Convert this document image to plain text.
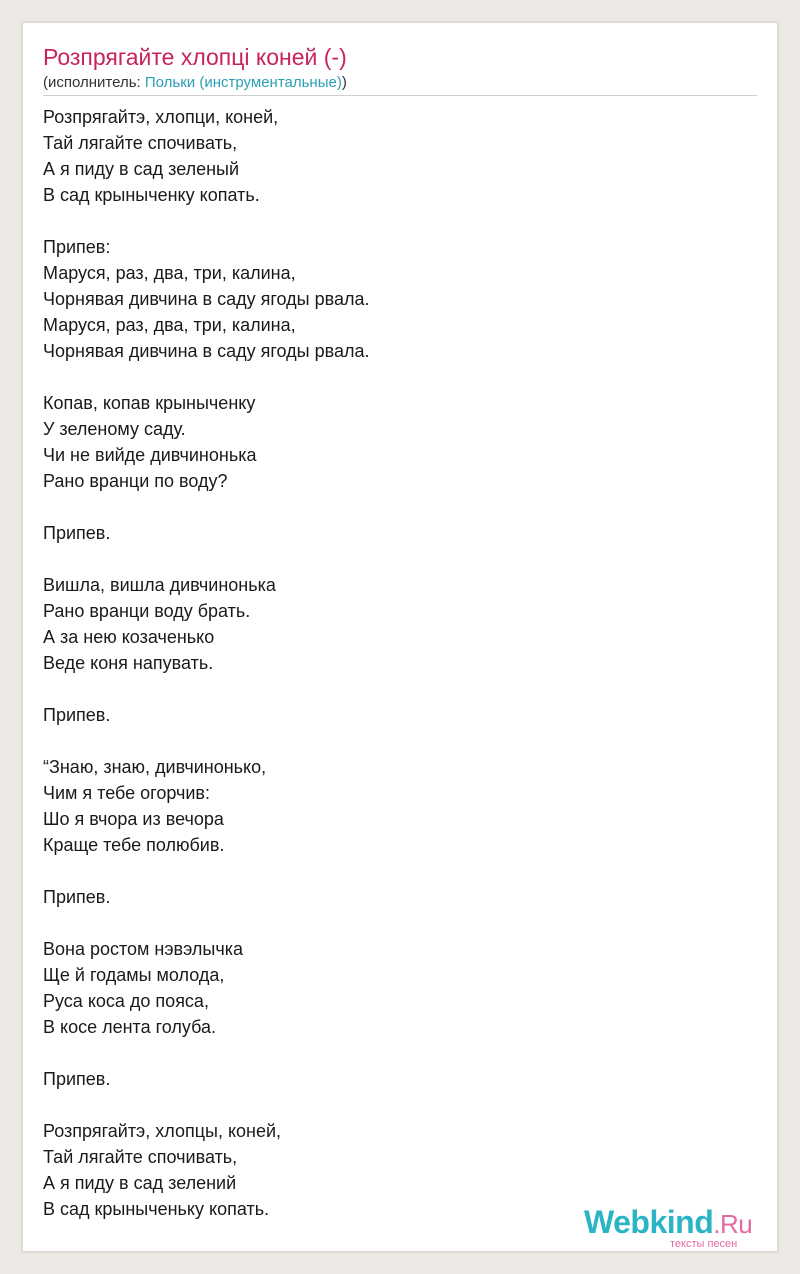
Розпрягайте хлопці коней (-)
(исполнитель: Польки (инструментальные))
Розпрягайтэ, хлопци, коней,
Тай лягайте спочивать,
А я пиду в сад зеленый
В сад крыныченку копать.
Припев:
Маруся, раз, два, три, калина,
Чорнявая дивчина в саду ягоды рвала.
Маруся, раз, два, три, калина,
Чорнявая дивчина в саду ягоды рвала.
Копав, копав крыныченку
У зеленому саду.
Чи не вийде дивчинонька
Рано вранци по воду?
Припев.
Вишла, вишла дивчинонька
Рано вранци воду брать.
А за нею козаченько
Веде коня напувать.
Припев.
“Знаю, знаю, дивчинонько,
Чим я тебе огорчив:
Шо я вчора из вечора
Краще тебе полюбив.
Припев.
Вона ростом нэвэлычка
Ще й годамы молода,
Руса коса до пояса,
В косе лента голуба.
Припев.
Розпрягайтэ, хлопцы, коней,
Тай лягайте спочивать,
А я пиду в сад зелений
В сад крыныченьку копать.	Webkind.Ru
тексты песен
